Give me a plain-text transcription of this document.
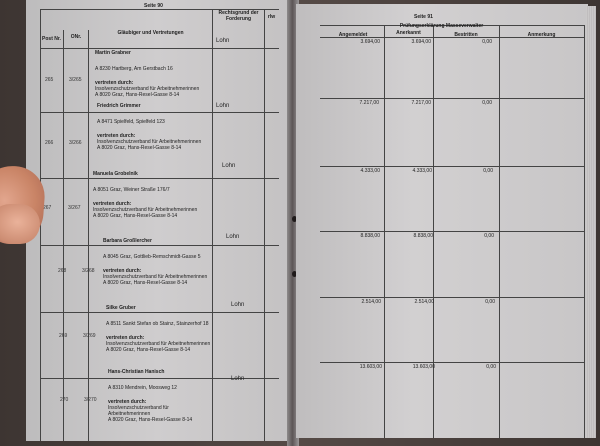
Seite 90
Post Nr.	ONr.
Gläubiger und Vertretungen
Rechtsgrund der Forderung	rlw
265	3/265
Martin Grabner
A 8230 Hartberg, Am Gerstbach 16
vertreten durch:
Insolvenzschutzverband für Arbeitnehmerinnen
A 8020 Graz, Hans-Resel-Gasse 8-14
Lohn
266	3/266
Friedrich Grimmer
A 8471 Spielfeld, Spielfeld 123
vertreten durch:
Insolvenzschutzverband für Arbeitnehmerinnen
A 8020 Graz, Hans-Resel-Gasse 8-14
Lohn
267	3/267
Manuela Grobelnik
A 8051 Graz, Weiner Straße 176/7
vertreten durch:
Insolvenzschutzverband für Arbeitnehmerinnen
A 8020 Graz, Hans-Resel-Gasse 8-14
Lohn
268	3/268
Barbara Großlercher
A 8045 Graz, Gottlieb-Remschmidt-Gasse 5
vertreten durch:
Insolvenzschutzverband für Arbeitnehmerinnen
A 8020 Graz, Hans-Resel-Gasse 8-14
Lohn
269	3/269
Silke Gruber
A 8511 Sankt Stefan ob Stainz, Stainzerhof 18
vertreten durch:
Insolvenzschutzverband für Arbeitnehmerinnen
A 8020 Graz, Hans-Resel-Gasse 8-14
Lohn
270	3/270
Hans-Christian Hanisch
A 8310 Mendrein, Moosweg 12
vertreten durch:
Insolvenzschutzverband für Arbeitnehmerinnen
A 8020 Graz, Hans-Resel-Gasse 8-14
Lohn
Seite 91
Angemeldet
Prüfungserklärung Masseverwalter
Anerkannt	Bestritten	Anmerkung
3.694,00	3.694,00	0,00
7.217,00	7.217,00	0,00
4.333,00	4.333,00	0,00
8.838,00	8.838,00	0,00
2.514,00	2.514,00	0,00
13.603,00	13.603,00	0,00
